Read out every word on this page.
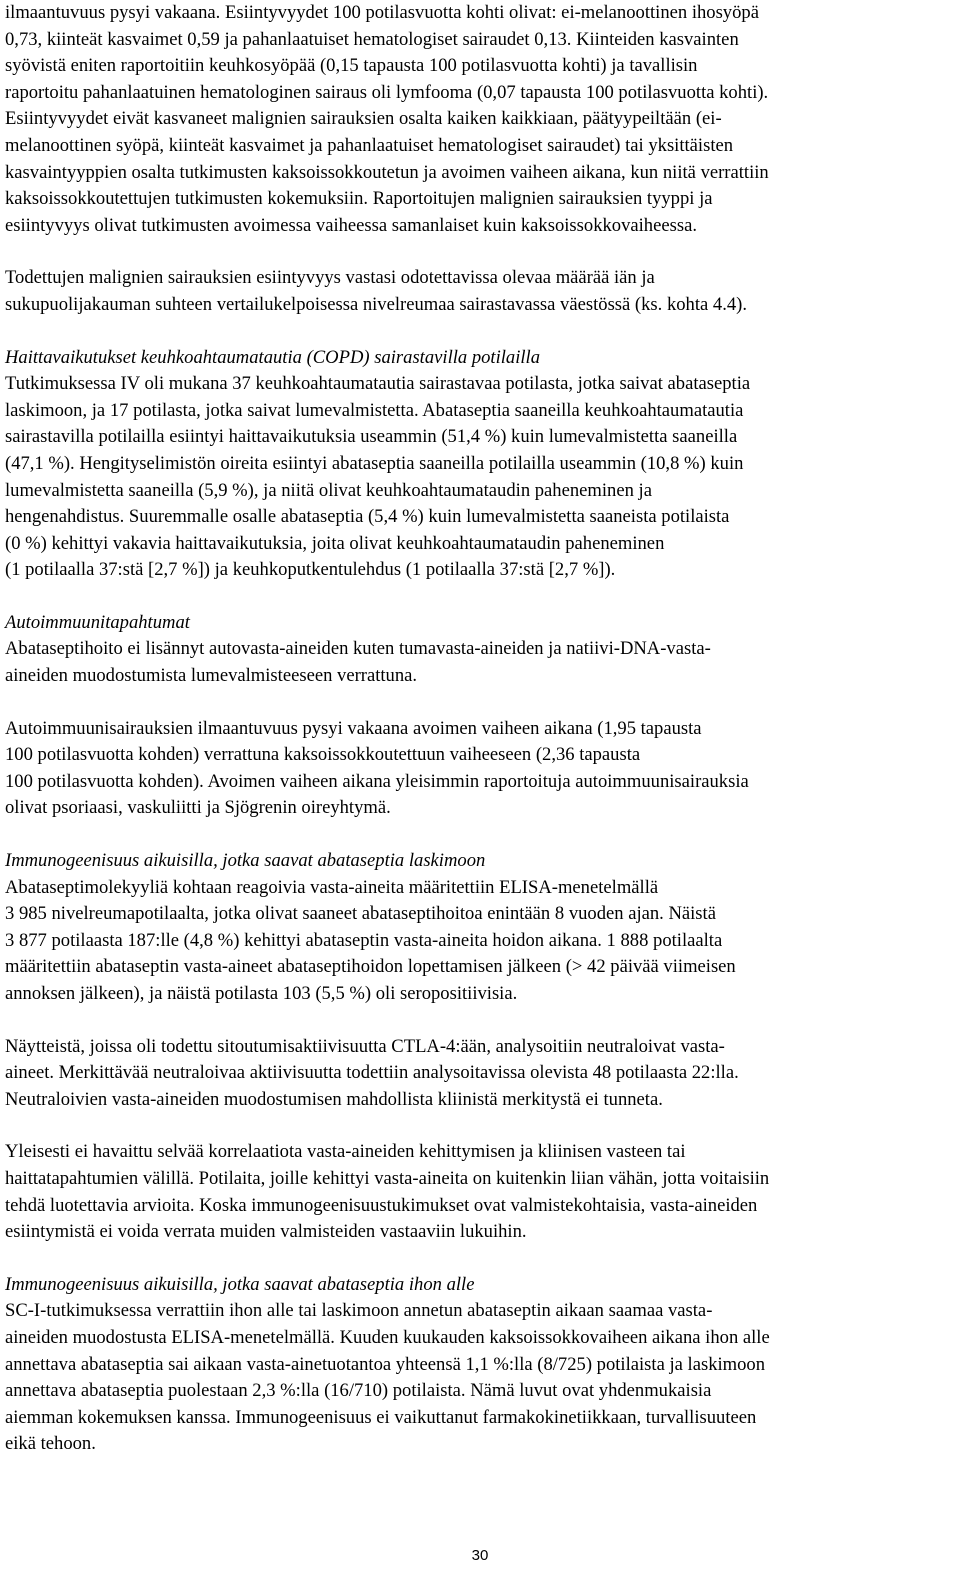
ilmaantuvuus pysyi vakaana. Esiintyvyydet 100 potilasvuotta kohti olivat: ei-melanoottinen ihosyöpä
0,73, kiinteät kasvaimet 0,59 ja pahanlaatuiset hematologiset sairaudet 0,13. Kiinteiden kasvainten
syövistä eniten raportoitiin keuhkosyöpää (0,15 tapausta 100 potilasvuotta kohti) ja tavallisin
raportoitu pahanlaatuinen hematologinen sairaus oli lymfooma (0,07 tapausta 100 potilasvuotta kohti).
Esiintyvyydet eivät kasvaneet malignien sairauksien osalta kaiken kaikkiaan, päätyypeiltään (ei-
melanoottinen syöpä, kiinteät kasvaimet ja pahanlaatuiset hematologiset sairaudet) tai yksittäisten
kasvaintyyppien osalta tutkimusten kaksoissokkoutetun ja avoimen vaiheen aikana, kun niitä verrattiin
kaksoissokkoutettujen tutkimusten kokemuksiin. Raportoitujen malignien sairauksien tyyppi ja
esiintyvyys olivat tutkimusten avoimessa vaiheessa samanlaiset kuin kaksoissokkovaiheessa.

Todettujen malignien sairauksien esiintyvyys vastasi odotettavissa olevaa määrää iän ja
sukupuolijakauman suhteen vertailukelpoisessa nivelreumaa sairastavassa väestössä (ks. kohta 4.4).

Haittavaikutukset keuhkoahtaumatautia (COPD) sairastavilla potilailla

Tutkimuksessa IV oli mukana 37 keuhkoahtaumatautia sairastavaa potilasta, jotka saivat abataseptia
laskimoon, ja 17 potilasta, jotka saivat lumevalmistetta. Abataseptia saaneilla keuhkoahtaumatautia
sairastavilla potilailla esiintyi haittavaikutuksia useammin (51,4 %) kuin lumevalmistetta saaneilla
(47,1 %). Hengityselimistön oireita esiintyi abataseptia saaneilla potilailla useammin (10,8 %) kuin
lumevalmistetta saaneilla (5,9 %), ja niitä olivat keuhkoahtaumataudin paheneminen ja
hengenahdistus. Suuremmalle osalle abataseptia (5,4 %) kuin lumevalmistetta saaneista potilaista
(0 %) kehittyi vakavia haittavaikutuksia, joita olivat keuhkoahtaumataudin paheneminen
(1 potilaalla 37:stä [2,7 %]) ja keuhkoputkentulehdus (1 potilaalla 37:stä [2,7 %]).

Autoimmuunitapahtumat

Abataseptihoito ei lisännyt autovasta-aineiden kuten tumavasta-aineiden ja natiivi-DNA-vasta-
aineiden muodostumista lumevalmisteeseen verrattuna.

Autoimmuunisairauksien ilmaantuvuus pysyi vakaana avoimen vaiheen aikana (1,95 tapausta
100 potilasvuotta kohden) verrattuna kaksoissokkoutettuun vaiheeseen (2,36 tapausta
100 potilasvuotta kohden). Avoimen vaiheen aikana yleisimmin raportoituja autoimmuunisairauksia
olivat psoriaasi, vaskuliitti ja Sjögrenin oireyhtymä.

Immunogeenisuus aikuisilla, jotka saavat abataseptia laskimoon

Abataseptimolekyyliä kohtaan reagoivia vasta-aineita määritettiin ELISA-menetelmällä
3 985 nivelreumapotilaalta, jotka olivat saaneet abataseptihoitoa enintään 8 vuoden ajan. Näistä
3 877 potilaasta 187:lle (4,8 %) kehittyi abataseptin vasta-aineita hoidon aikana. 1 888 potilaalta
määritettiin abataseptin vasta-aineet abataseptihoidon lopettamisen jälkeen (> 42 päivää viimeisen
annoksen jälkeen), ja näistä potilasta 103 (5,5 %) oli seropositiivisia.

Näytteistä, joissa oli todettu sitoutumisaktiivisuutta CTLA-4:ään, analysoitiin neutraloivat vasta-
aineet. Merkittävää neutraloivaa aktiivisuutta todettiin analysoitavissa olevista 48 potilaasta 22:lla.
Neutraloivien vasta-aineiden muodostumisen mahdollista kliinistä merkitystä ei tunneta.

Yleisesti ei havaittu selvää korrelaatiota vasta-aineiden kehittymisen ja kliinisen vasteen tai
haittatapahtumien välillä. Potilaita, joille kehittyi vasta-aineita on kuitenkin liian vähän, jotta voitaisiin
tehdä luotettavia arvioita. Koska immunogeenisuustukimukset ovat valmistekohtaisia, vasta-aineiden
esiintymistä ei voida verrata muiden valmisteiden vastaaviin lukuihin.

Immunogeenisuus aikuisilla, jotka saavat abataseptia ihon alle

SC-I-tutkimuksessa verrattiin ihon alle tai laskimoon annetun abataseptin aikaan saamaa vasta-
aineiden muodostusta ELISA-menetelmällä. Kuuden kuukauden kaksoissokkovaiheen aikana ihon alle
annettava abataseptia sai aikaan vasta-ainetuotantoa yhteensä 1,1 %:lla (8/725) potilaista ja laskimoon
annettava abataseptia puolestaan 2,3 %:lla (16/710) potilaista. Nämä luvut ovat yhdenmukaisia
aiemman kokemuksen kanssa. Immunogeenisuus ei vaikuttanut farmakokinetiikkaan, turvallisuuteen
eikä tehoon.

30
